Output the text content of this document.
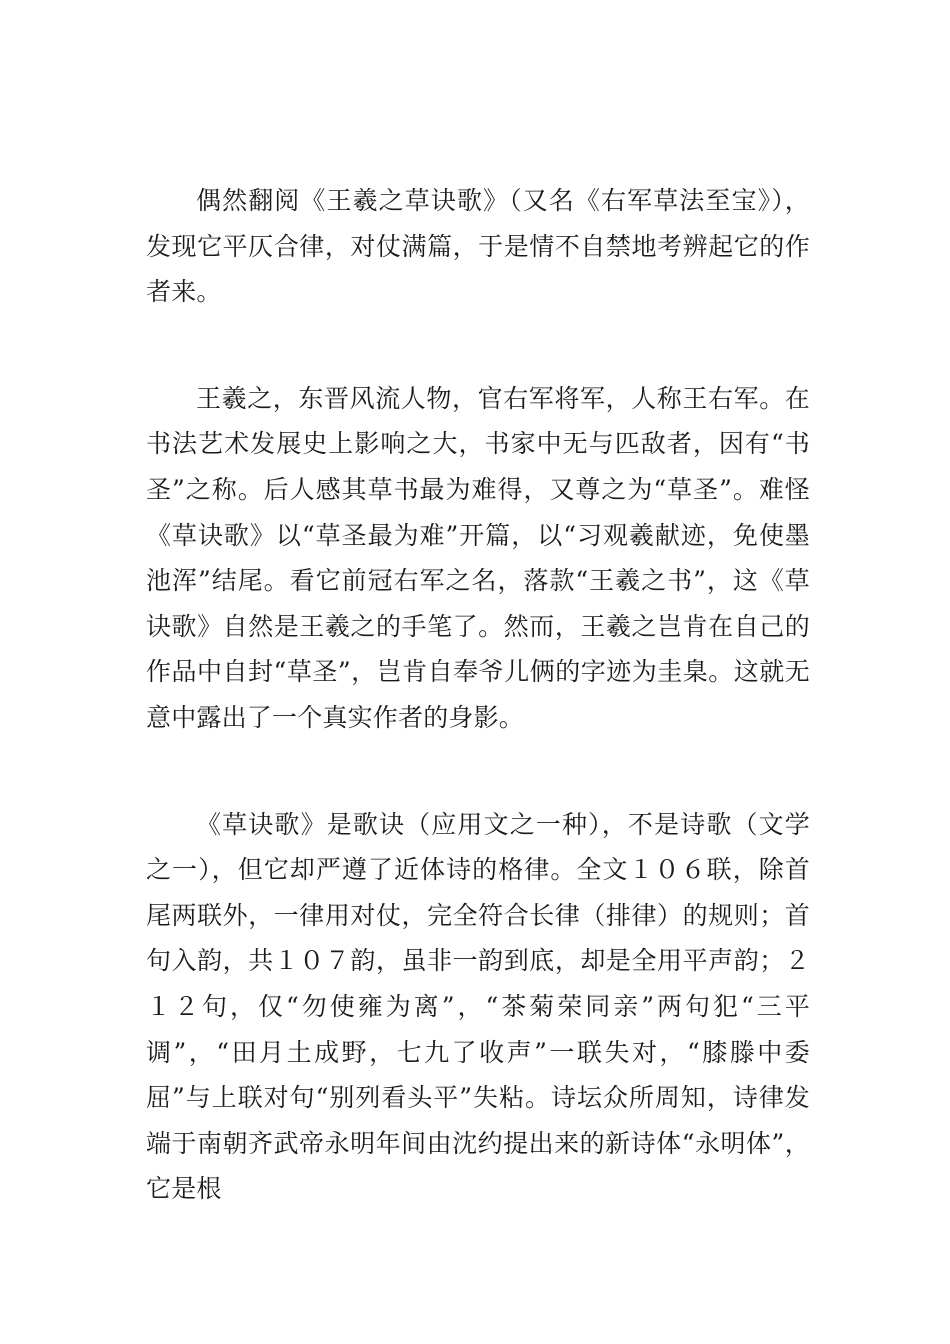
偶然翻阅《王羲之草诀歌》（又名《右军草法至宝》），发现它平仄合律，对仗满篇，于是情不自禁地考辨起它的作者来。

王羲之，东晋风流人物，官右军将军，人称王右军。在书法艺术发展史上影响之大，书家中无与匹敌者，因有“书圣”之称。后人感其草书最为难得，又尊之为“草圣”。难怪《草诀歌》以“草圣最为难”开篇，以“习观羲献迹，免使墨池浑”结尾。看它前冠右军之名，落款“王羲之书”，这《草诀歌》自然是王羲之的手笔了。然而，王羲之岂肯在自己的作品中自封“草圣”，岂肯自奉爷儿俩的字迹为圭臬。这就无意中露出了一个真实作者的身影。

《草诀歌》是歌诀（应用文之一种），不是诗歌（文学之一），但它却严遵了近体诗的格律。全文１０６联，除首尾两联外，一律用对仗，完全符合长律（排律）的规则；首句入韵，共１０７韵，虽非一韵到底，却是全用平声韵；２１２句，仅“勿使雍为离”，“茶菊荣同亲”两句犯“三平调”，“田月土成野，七九了收声”一联失对，“膝滕中委屈”与上联对句“别列看头平”失粘。诗坛众所周知，诗律发端于南朝齐武帝永明年间由沈约提出来的新诗体“永明体”，它是根
